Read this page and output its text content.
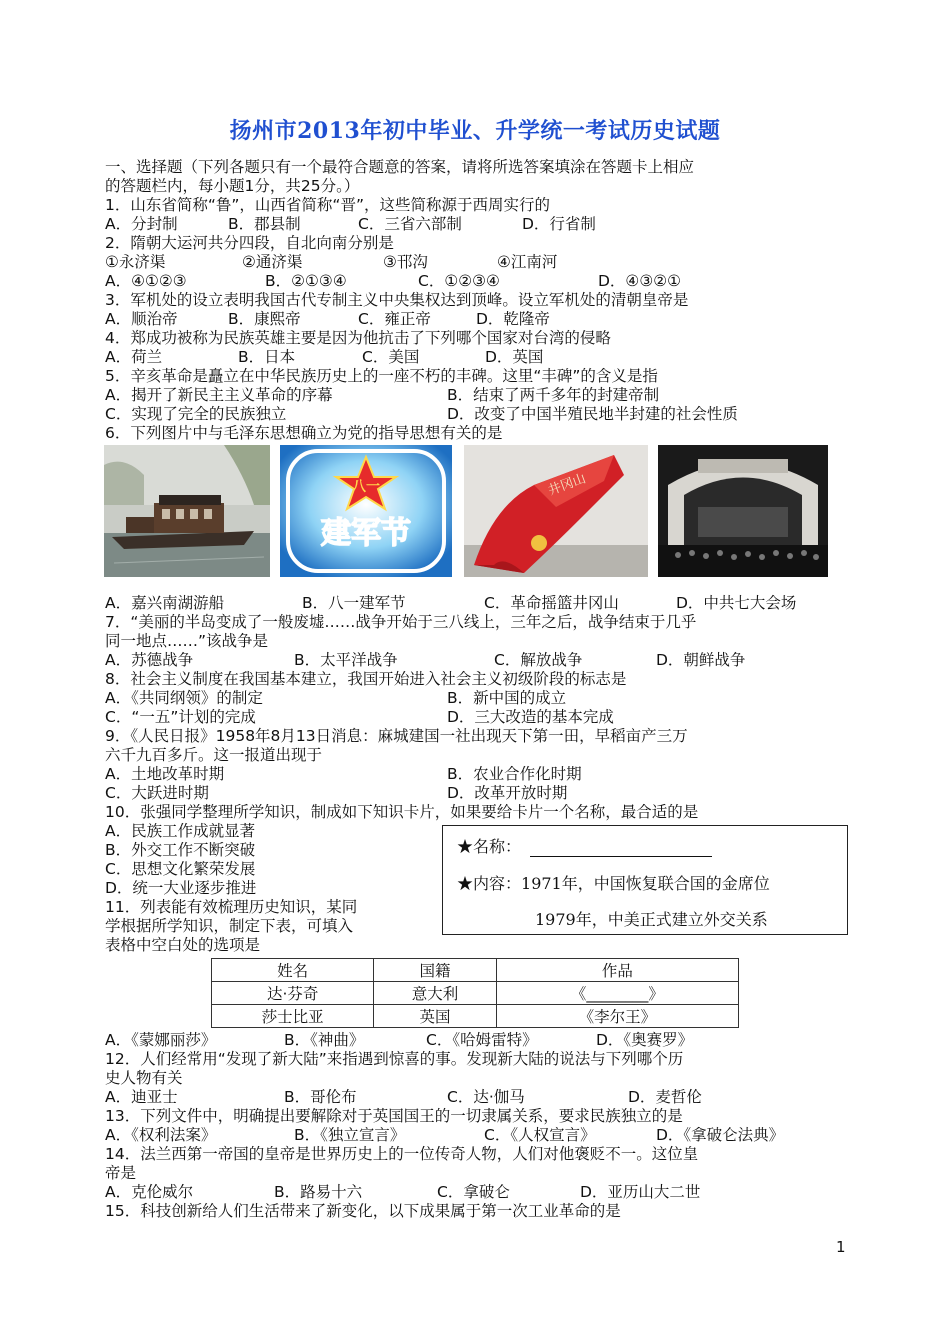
扬州市2013年初中毕业、升学统一考试历史试题
一、选择题（下列各题只有一个最符合题意的答案，请将所选答案填涂在答题卡上相应
的答题栏内，每小题1分，共25分。）
1．山东省简称“鲁”，山西省简称“晋”，这些简称源于西周实行的
A．分封制	B．郡县制	C．三省六部制	D．行省制
2．隋朝大运河共分四段，自北向南分别是
①永济渠	②通济渠	③邗沟	④江南河
A．④①②③	B．②①③④	C．①②③④	D．④③②①
3．军机处的设立表明我国古代专制主义中央集权达到顶峰。设立军机处的清朝皇帝是
A．顺治帝	B．康熙帝	C．雍正帝	D．乾隆帝
4．郑成功被称为民族英雄主要是因为他抗击了下列哪个国家对台湾的侵略
A．荷兰	B．日本	C．美国	D．英国
5．辛亥革命是矗立在中华民族历史上的一座不朽的丰碑。这里“丰碑”的含义是指
A．揭开了新民主主义革命的序幕	B．结束了两千多年的封建帝制
C．实现了完全的民族独立	D．改变了中国半殖民地半封建的社会性质
6．下列图片中与毛泽东思想确立为党的指导思想有关的是
八一
建军节
井冈山
A．嘉兴南湖游船	B．八一建军节	C．革命摇篮井冈山	D．中共七大会场
7．“美丽的半岛变成了一般废墟……战争开始于三八线上，三年之后，战争结束于几乎
同一地点……”该战争是
A．苏德战争	B．太平洋战争	C．解放战争	D．朝鲜战争
8．社会主义制度在我国基本建立，我国开始进入社会主义初级阶段的标志是
A．《共同纲领》的制定	B．新中国的成立
C．“一五”计划的完成	D．三大改造的基本完成
9．《人民日报》1958年8月13日消息：麻城建国一社出现天下第一田，早稻亩产三万
六千九百多斤。这一报道出现于
A．土地改革时期	B．农业合作化时期
C．大跃进时期	D．改革开放时期
10．张强同学整理所学知识，制成如下知识卡片，如果要给卡片一个名称，最合适的是
A．民族工作成就显著
B．外交工作不断突破
C．思想文化繁荣发展
D．统一大业逐步推进
★名称：
★内容：1971年，中国恢复联合国的金席位
1979年，中美正式建立外交关系
11．列表能有效梳理历史知识，某同
学根据所学知识，制定下表，可填入
表格中空白处的选项是
姓名	国籍	作品
达·芬奇	意大利	《________》
莎士比亚	英国	《李尔王》
A．《蒙娜丽莎》	B．《神曲》	C．《哈姆雷特》	D．《奥赛罗》
12．人们经常用“发现了新大陆”来指遇到惊喜的事。发现新大陆的说法与下列哪个历
史人物有关
A．迪亚士	B．哥伦布	C．达·伽马	D．麦哲伦
13．下列文件中，明确提出要解除对于英国国王的一切隶属关系，要求民族独立的是
A．《权利法案》	B．《独立宣言》	C．《人权宣言》	D．《拿破仑法典》
14．法兰西第一帝国的皇帝是世界历史上的一位传奇人物，人们对他褒贬不一。这位皇
帝是
A．克伦威尔	B．路易十六	C．拿破仑	D．亚历山大二世
15．科技创新给人们生活带来了新变化，以下成果属于第一次工业革命的是
1
